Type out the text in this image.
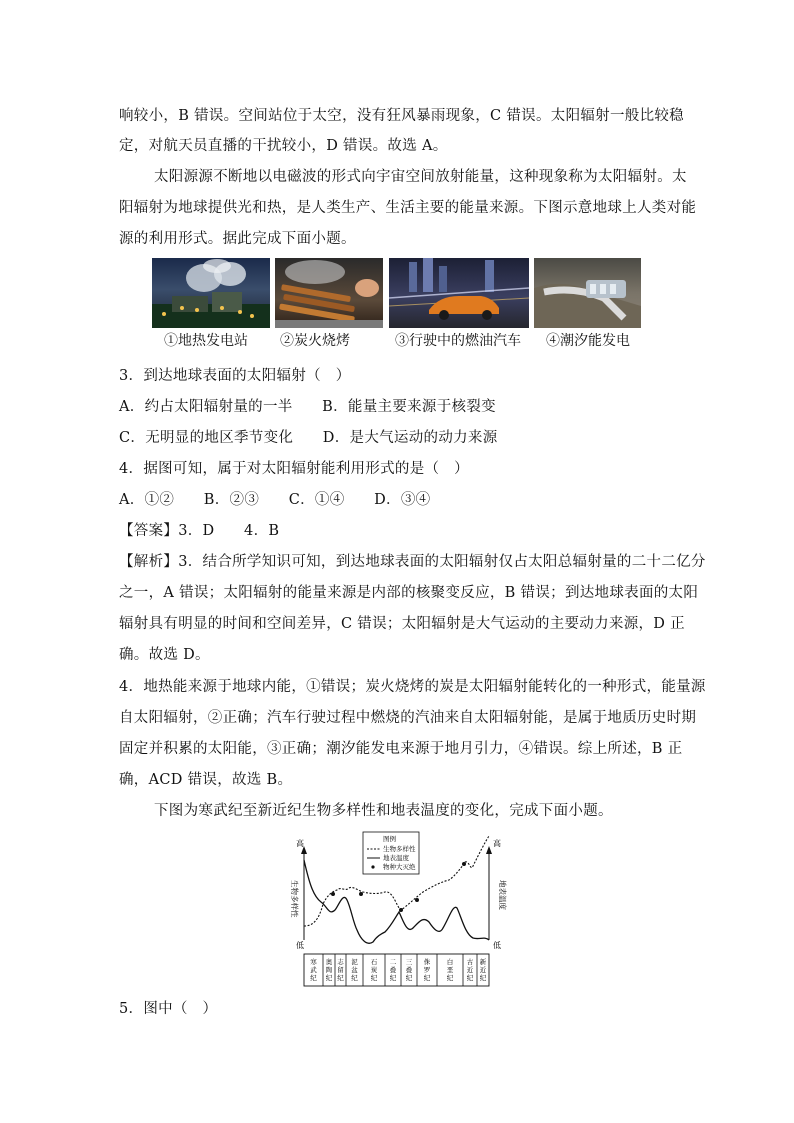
响较小，B 错误。空间站位于太空，没有狂风暴雨现象，C 错误。太阳辐射一般比较稳
定，对航天员直播的干扰较小，D 错误。故选 A。
太阳源源不断地以电磁波的形式向宇宙空间放射能量，这种现象称为太阳辐射。太
阳辐射为地球提供光和热，是人类生产、生活主要的能量来源。下图示意地球上人类对能
源的利用形式。据此完成下面小题。
①地热发电站 ②炭火烧烤	③行驶中的燃油汽车 ④潮汐能发电
3．到达地球表面的太阳辐射（　）
A．约占太阳辐射量的一半　　B．能量主要来源于核裂变
C．无明显的地区季节变化　　D．是大气运动的动力来源
4．据图可知，属于对太阳辐射能利用形式的是（　）
A．①②　　B．②③　　C．①④　　D．③④
【答案】3．D　　4．B
【解析】3．结合所学知识可知，到达地球表面的太阳辐射仅占太阳总辐射量的二十二亿分
之一，A 错误；太阳辐射的能量来源是内部的核聚变反应，B 错误；到达地球表面的太阳
辐射具有明显的时间和空间差异，C 错误；太阳辐射是大气运动的主要动力来源，D 正
确。故选 D。
4．地热能来源于地球内能，①错误；炭火烧烤的炭是太阳辐射能转化的一种形式，能量源
自太阳辐射，②正确；汽车行驶过程中燃烧的汽油来自太阳辐射能，是属于地质历史时期
固定并积累的太阳能，③正确；潮汐能发电来源于地月引力，④错误。综上所述，B 正
确，ACD 错误，故选 B。
下图为寒武纪至新近纪生物多样性和地表温度的变化，完成下面小题。
高
低
生物多样性
高
低
地表温度
图例
生物多样性
地表温度
物种大灭绝
寒武纪
奥陶纪
志留纪
泥盆纪
石炭纪
二叠纪
三叠纪
侏罗纪
白垩纪
古近纪
新近纪
5．图中（　）
